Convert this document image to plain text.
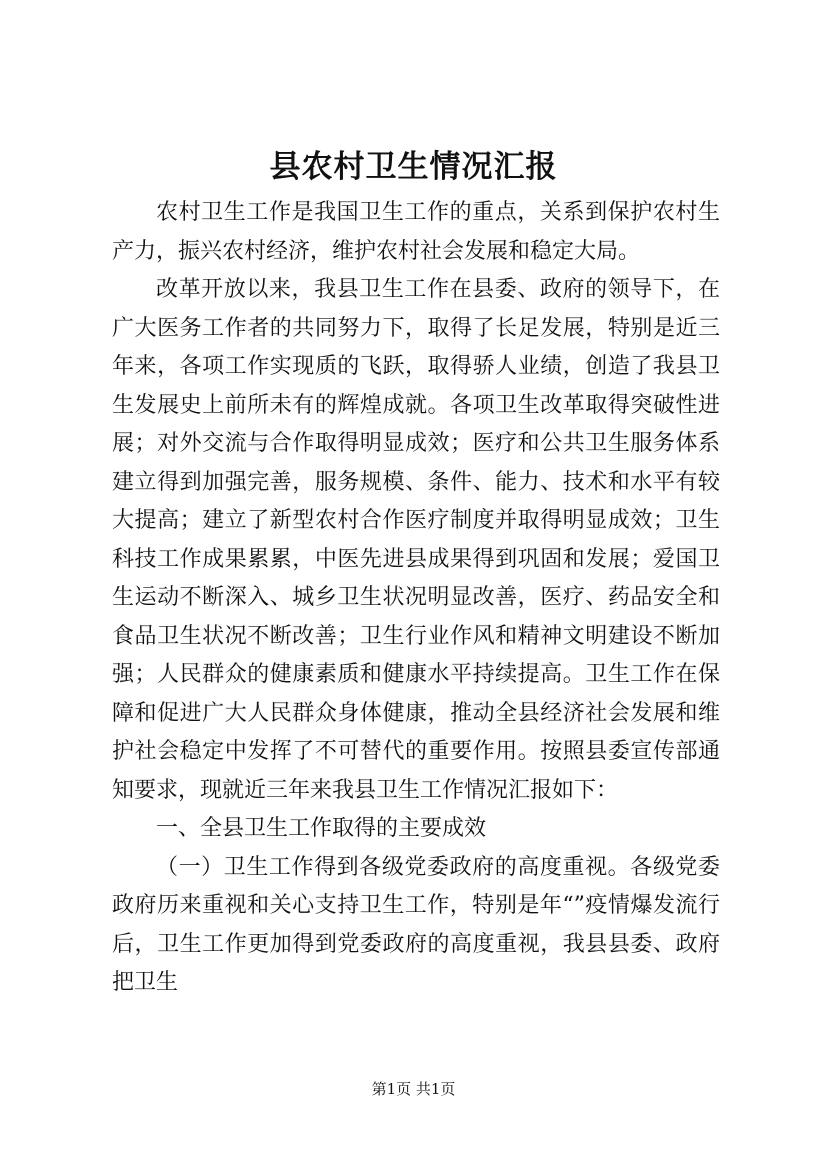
县农村卫生情况汇报

农村卫生工作是我国卫生工作的重点，关系到保护农村生产力，振兴农村经济，维护农村社会发展和稳定大局。

改革开放以来，我县卫生工作在县委、政府的领导下，在广大医务工作者的共同努力下，取得了长足发展，特别是近三年来，各项工作实现质的飞跃，取得骄人业绩，创造了我县卫生发展史上前所未有的辉煌成就。各项卫生改革取得突破性进展；对外交流与合作取得明显成效；医疗和公共卫生服务体系建立得到加强完善，服务规模、条件、能力、技术和水平有较大提高；建立了新型农村合作医疗制度并取得明显成效；卫生科技工作成果累累，中医先进县成果得到巩固和发展；爱国卫生运动不断深入、城乡卫生状况明显改善，医疗、药品安全和食品卫生状况不断改善；卫生行业作风和精神文明建设不断加强；人民群众的健康素质和健康水平持续提高。卫生工作在保障和促进广大人民群众身体健康，推动全县经济社会发展和维护社会稳定中发挥了不可替代的重要作用。按照县委宣传部通知要求，现就近三年来我县卫生工作情况汇报如下：

一、全县卫生工作取得的主要成效

（一）卫生工作得到各级党委政府的高度重视。各级党委政府历来重视和关心支持卫生工作，特别是年“”疫情爆发流行后，卫生工作更加得到党委政府的高度重视，我县县委、政府把卫生

第1页 共1页
